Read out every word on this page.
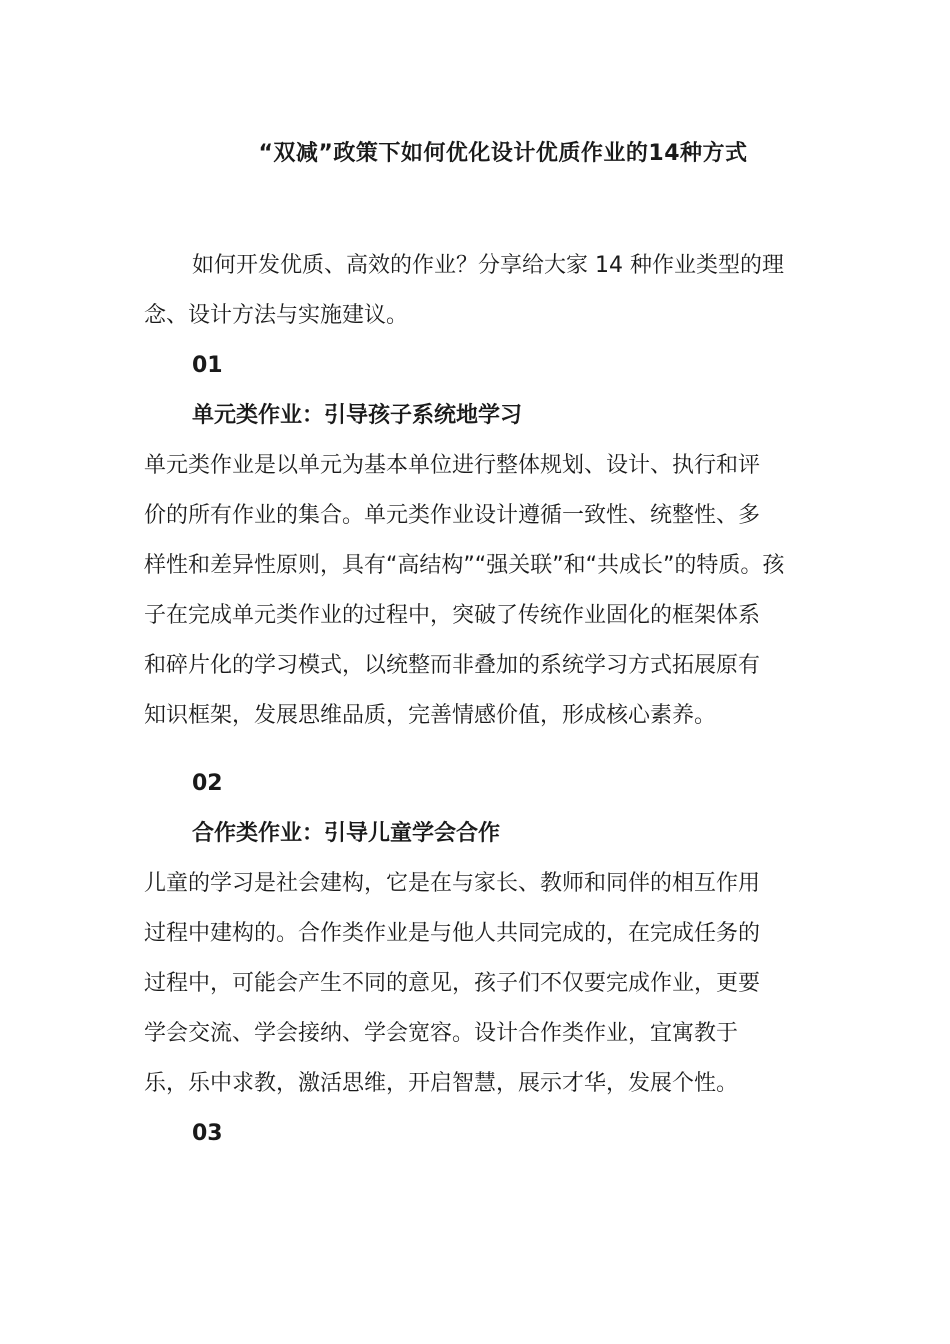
“双减”政策下如何优化设计优质作业的14种方式

如何开发优质、高效的作业？分享给大家 14 种作业类型的理
念、设计方法与实施建议。

01

单元类作业：引导孩子系统地学习

单元类作业是以单元为基本单位进行整体规划、设计、执行和评
价的所有作业的集合。单元类作业设计遵循一致性、统整性、多
样性和差异性原则，具有“高结构”“强关联”和“共成长”的特质。孩
子在完成单元类作业的过程中，突破了传统作业固化的框架体系
和碎片化的学习模式，以统整而非叠加的系统学习方式拓展原有
知识框架，发展思维品质，完善情感价值，形成核心素养。

02

合作类作业：引导儿童学会合作

儿童的学习是社会建构，它是在与家长、教师和同伴的相互作用
过程中建构的。合作类作业是与他人共同完成的，在完成任务的
过程中，可能会产生不同的意见，孩子们不仅要完成作业，更要
学会交流、学会接纳、学会宽容。设计合作类作业，宜寓教于
乐，乐中求教，激活思维，开启智慧，展示才华，发展个性。

03
